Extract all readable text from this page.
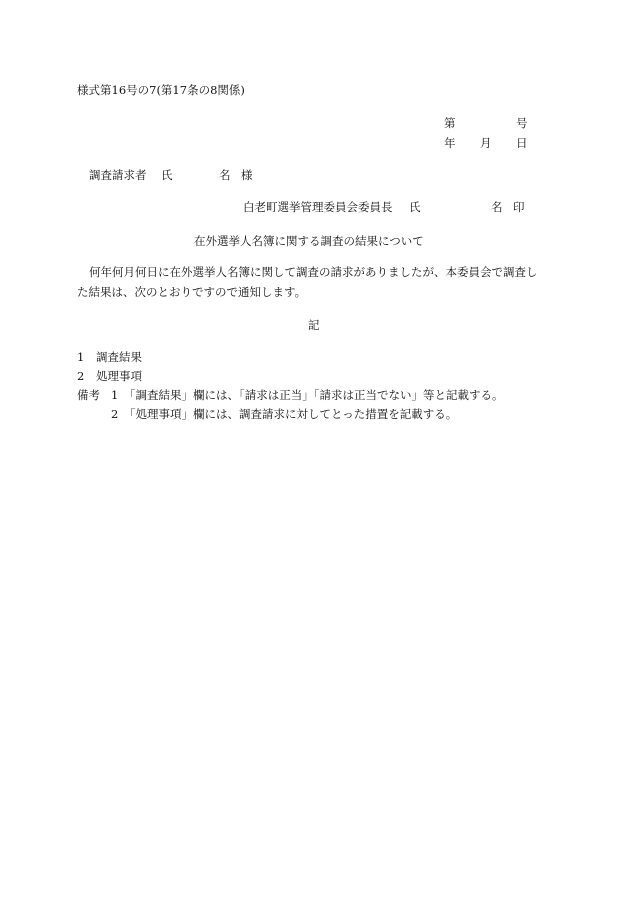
様式第16号の7(第17条の8関係)
第	号
年 月 日
調査請求者 氏	名 様
白老町選挙管理委員会委員長 氏	名 印
在外選挙人名簿に関する調査の結果について
何年何月何日に在外選挙人名簿に関して調査の請求がありましたが、本委員会で調査し
た結果は、次のとおりですので通知します。
記
1 調査結果
2 処理事項
備考 1 「調査結果」欄には、「請求は正当」「請求は正当でない」等と記載する。
2 「処理事項」欄には、調査請求に対してとった措置を記載する。
